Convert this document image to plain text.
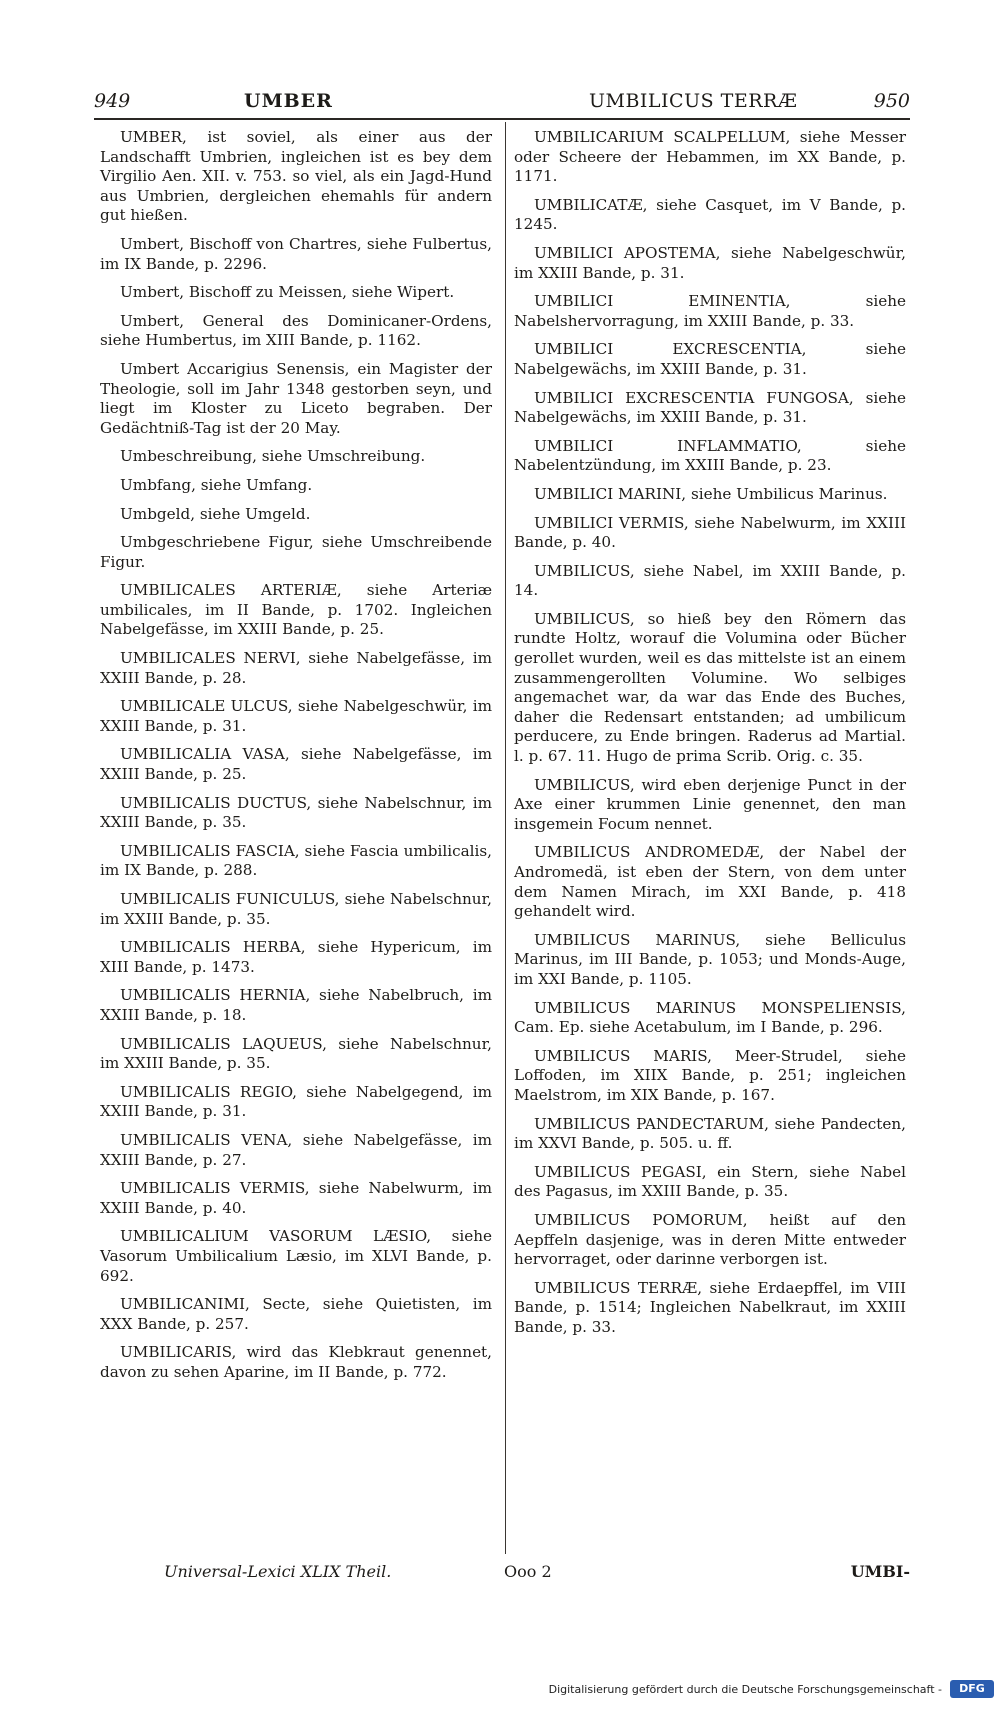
949	UMBER	UMBILICUS TERRÆ	950

UMBER, ist soviel, als einer aus der Landschafft Umbrien, ingleichen ist es bey dem Virgilio Aen. XII. v. 753. so viel, als ein Jagd-Hund aus Umbrien, dergleichen ehemahls für andern gut hießen.

Umbert, Bischoff von Chartres, siehe Fulbertus, im IX Bande, p. 2296.

Umbert, Bischoff zu Meissen, siehe Wipert.

Umbert, General des Dominicaner-Ordens, siehe Humbertus, im XIII Bande, p. 1162.

Umbert Accarigius Senensis, ein Magister der Theologie, soll im Jahr 1348 gestorben seyn, und liegt im Kloster zu Liceto begraben. Der Gedächtniß-Tag ist der 20 May.

Umbeschreibung, siehe Umschreibung.

Umbfang, siehe Umfang.

Umbgeld, siehe Umgeld.

Umbgeschriebene Figur, siehe Umschreibende Figur.

UMBILICALES ARTERIÆ, siehe Arteriæ umbilicales, im II Bande, p. 1702. Ingleichen Nabelgefässe, im XXIII Bande, p. 25.

UMBILICALES NERVI, siehe Nabelgefässe, im XXIII Bande, p. 28.

UMBILICALE ULCUS, siehe Nabelgeschwür, im XXIII Bande, p. 31.

UMBILICALIA VASA, siehe Nabelgefässe, im XXIII Bande, p. 25.

UMBILICALIS DUCTUS, siehe Nabelschnur, im XXIII Bande, p. 35.

UMBILICALIS FASCIA, siehe Fascia umbilicalis, im IX Bande, p. 288.

UMBILICALIS FUNICULUS, siehe Nabelschnur, im XXIII Bande, p. 35.

UMBILICALIS HERBA, siehe Hypericum, im XIII Bande, p. 1473.

UMBILICALIS HERNIA, siehe Nabelbruch, im XXIII Bande, p. 18.

UMBILICALIS LAQUEUS, siehe Nabelschnur, im XXIII Bande, p. 35.

UMBILICALIS REGIO, siehe Nabelgegend, im XXIII Bande, p. 31.

UMBILICALIS VENA, siehe Nabelgefässe, im XXIII Bande, p. 27.

UMBILICALIS VERMIS, siehe Nabelwurm, im XXIII Bande, p. 40.

UMBILICALIUM VASORUM LÆSIO, siehe Vasorum Umbilicalium Læsio, im XLVI Bande, p. 692.

UMBILICANIMI, Secte, siehe Quietisten, im XXX Bande, p. 257.

UMBILICARIS, wird das Klebkraut genennet, davon zu sehen Aparine, im II Bande, p. 772.

UMBILICARIUM SCALPELLUM, siehe Messer oder Scheere der Hebammen, im XX Bande, p. 1171.

UMBILICATÆ, siehe Casquet, im V Bande, p. 1245.

UMBILICI APOSTEMA, siehe Nabelgeschwür, im XXIII Bande, p. 31.

UMBILICI EMINENTIA, siehe Nabelshervorragung, im XXIII Bande, p. 33.

UMBILICI EXCRESCENTIA, siehe Nabelgewächs, im XXIII Bande, p. 31.

UMBILICI EXCRESCENTIA FUNGOSA, siehe Nabelgewächs, im XXIII Bande, p. 31.

UMBILICI INFLAMMATIO, siehe Nabelentzündung, im XXIII Bande, p. 23.

UMBILICI MARINI, siehe Umbilicus Marinus.

UMBILICI VERMIS, siehe Nabelwurm, im XXIII Bande, p. 40.

UMBILICUS, siehe Nabel, im XXIII Bande, p. 14.

UMBILICUS, so hieß bey den Römern das rundte Holtz, worauf die Volumina oder Bücher gerollet wurden, weil es das mittelste ist an einem zusammengerollten Volumine. Wo selbiges angemachet war, da war das Ende des Buches, daher die Redensart entstanden; ad umbilicum perducere, zu Ende bringen. Raderus ad Martial. l. p. 67. 11. Hugo de prima Scrib. Orig. c. 35.

UMBILICUS, wird eben derjenige Punct in der Axe einer krummen Linie genennet, den man insgemein Focum nennet.

UMBILICUS ANDROMEDÆ, der Nabel der Andromedä, ist eben der Stern, von dem unter dem Namen Mirach, im XXI Bande, p. 418 gehandelt wird.

UMBILICUS MARINUS, siehe Belliculus Marinus, im III Bande, p. 1053; und Monds-Auge, im XXI Bande, p. 1105.

UMBILICUS MARINUS MONSPELIENSIS, Cam. Ep. siehe Acetabulum, im I Bande, p. 296.

UMBILICUS MARIS, Meer-Strudel, siehe Loffoden, im XIIX Bande, p. 251; ingleichen Maelstrom, im XIX Bande, p. 167.

UMBILICUS PANDECTARUM, siehe Pandecten, im XXVI Bande, p. 505. u. ff.

UMBILICUS PEGASI, ein Stern, siehe Nabel des Pagasus, im XXIII Bande, p. 35.

UMBILICUS POMORUM, heißt auf den Aepffeln dasjenige, was in deren Mitte entweder hervorraget, oder darinne verborgen ist.

UMBILICUS TERRÆ, siehe Erdaepffel, im VIII Bande, p. 1514; Ingleichen Nabelkraut, im XXIII Bande, p. 33.

Universal-Lexici XLIX Theil.	Ooo 2	UMBI-
Digitalisierung gefördert durch die Deutsche Forschungsgemeinschaft -	DFG
